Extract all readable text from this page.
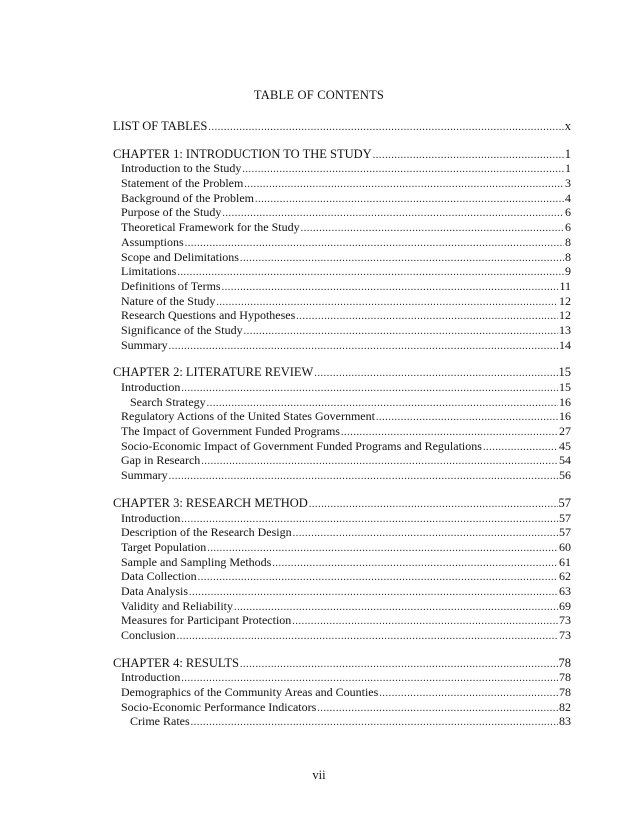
TABLE OF CONTENTS
LIST OF TABLES .....	x
CHAPTER 1: INTRODUCTION TO THE STUDY .....	1
Introduction to the Study .....	1
Statement of the Problem .....	3
Background of the Problem .....	4
Purpose of the Study .....	6
Theoretical Framework for the Study .....	6
Assumptions .....	8
Scope and Delimitations .....	8
Limitations .....	9
Definitions of Terms .....	11
Nature of the Study .....	12
Research Questions and Hypotheses .....	12
Significance of the Study .....	13
Summary .....	14
CHAPTER 2: LITERATURE REVIEW .....	15
Introduction .....	15
Search Strategy .....	16
Regulatory Actions of the United States Government .....	16
The Impact of Government Funded Programs .....	27
Socio-Economic Impact of Government Funded Programs and Regulations .....	45
Gap in Research .....	54
Summary .....	56
CHAPTER 3: RESEARCH METHOD .....	57
Introduction .....	57
Description of the Research Design .....	57
Target Population .....	60
Sample and Sampling Methods .....	61
Data Collection .....	62
Data Analysis .....	63
Validity and Reliability .....	69
Measures for Participant Protection .....	73
Conclusion .....	73
CHAPTER 4: RESULTS .....	78
Introduction .....	78
Demographics of the Community Areas and Counties .....	78
Socio-Economic Performance Indicators .....	82
Crime Rates .....	83
vii
